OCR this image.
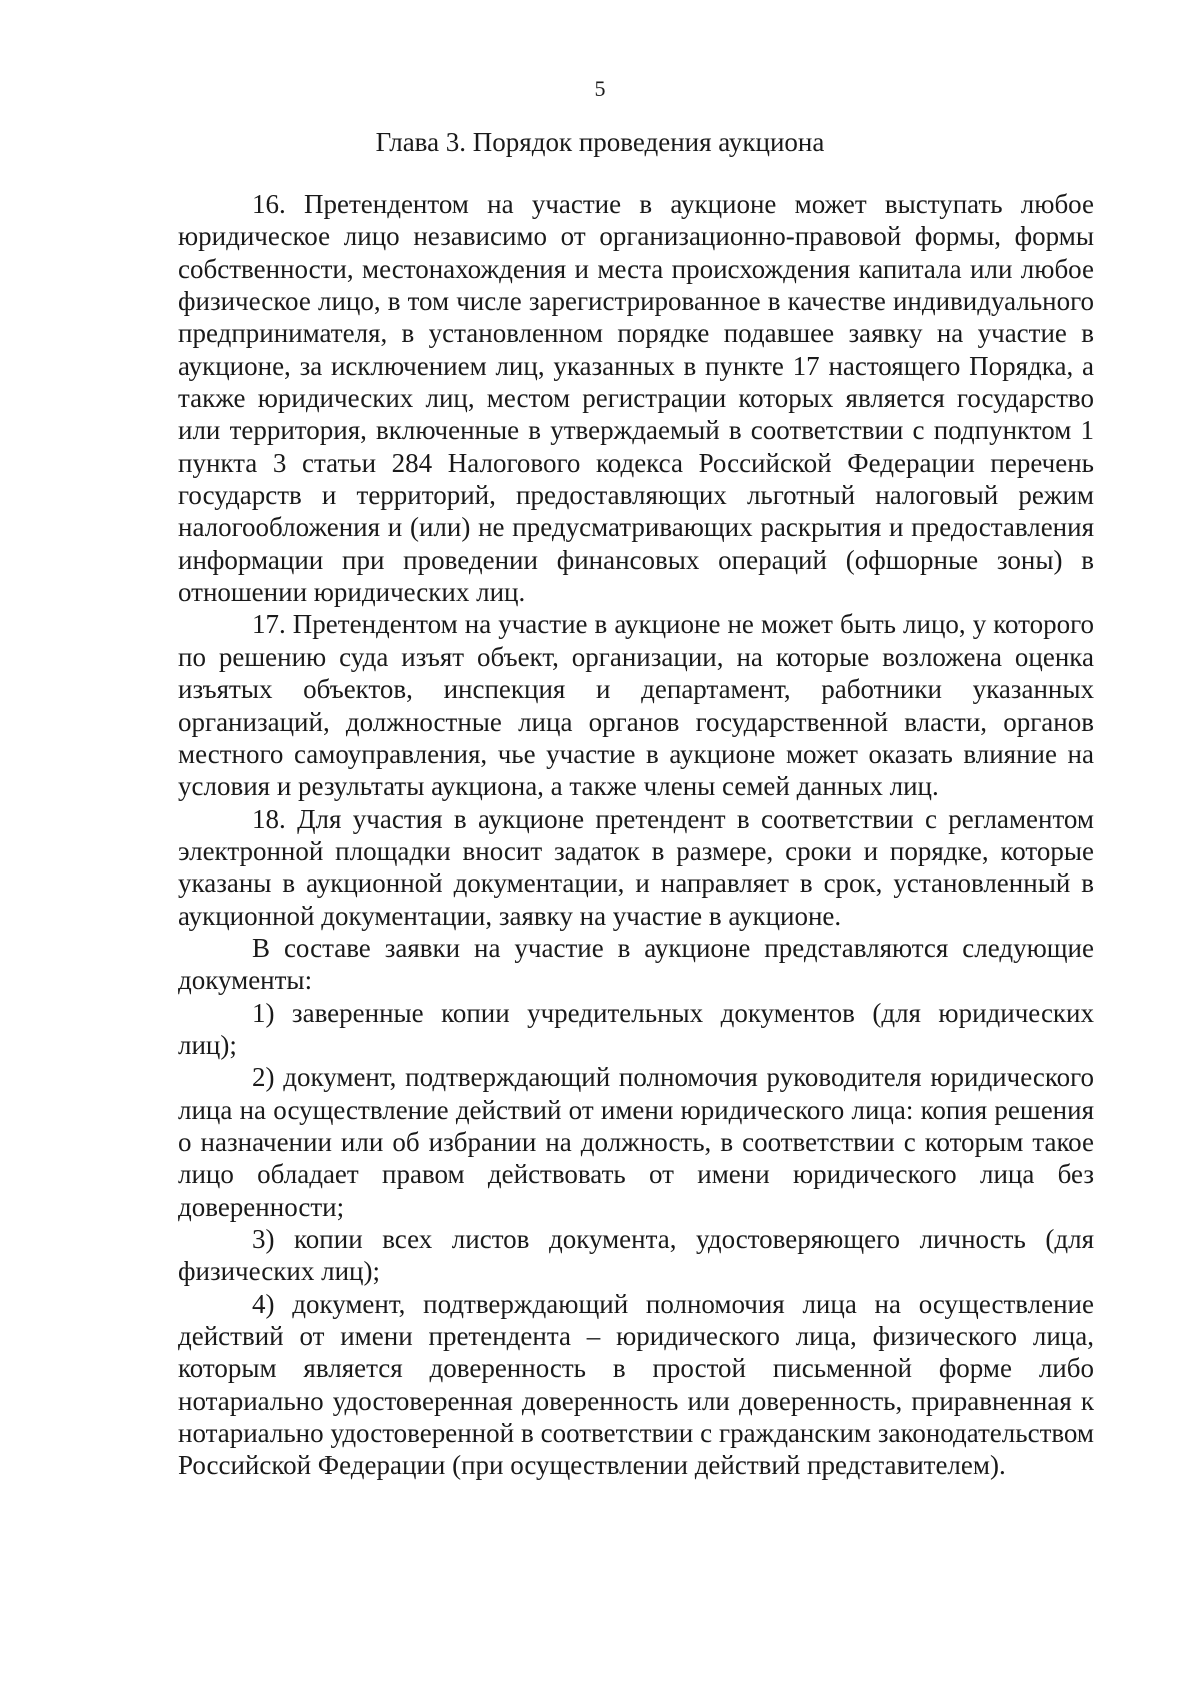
5
Глава 3. Порядок проведения аукциона

16. Претендентом на участие в аукционе может выступать любое юридическое лицо независимо от организационно-правовой формы, формы собственности, местонахождения и места происхождения капитала или любое физическое лицо, в том числе зарегистрированное в качестве индивидуального предпринимателя, в установленном порядке подавшее заявку на участие в аукционе, за исключением лиц, указанных в пункте 17 настоящего Порядка, а также юридических лиц, местом регистрации которых является государство или территория, включенные в утверждаемый в соответствии с подпунктом 1 пункта 3 статьи 284 Налогового кодекса Российской Федерации перечень государств и территорий, предоставляющих льготный налоговый режим налогообложения и (или) не предусматривающих раскрытия и предоставления информации при проведении финансовых операций (офшорные зоны) в отношении юридических лиц.

17. Претендентом на участие в аукционе не может быть лицо, у которого по решению суда изъят объект, организации, на которые возложена оценка изъятых объектов, инспекция и департамент, работники указанных организаций, должностные лица органов государственной власти, органов местного самоуправления, чье участие в аукционе может оказать влияние на условия и результаты аукциона, а также члены семей данных лиц.

18. Для участия в аукционе претендент в соответствии с регламентом электронной площадки вносит задаток в размере, сроки и порядке, которые указаны в аукционной документации, и направляет в срок, установленный в аукционной документации, заявку на участие в аукционе.

В составе заявки на участие в аукционе представляются следующие документы:

1) заверенные копии учредительных документов (для юридических лиц);

2) документ, подтверждающий полномочия руководителя юридического лица на осуществление действий от имени юридического лица: копия решения о назначении или об избрании на должность, в соответствии с которым такое лицо обладает правом действовать от имени юридического лица без доверенности;

3) копии всех листов документа, удостоверяющего личность (для физических лиц);

4) документ, подтверждающий полномочия лица на осуществление действий от имени претендента – юридического лица, физического лица, которым является доверенность в простой письменной форме либо нотариально удостоверенная доверенность или доверенность, приравненная к нотариально удостоверенной в соответствии с гражданским законодательством Российской Федерации (при осуществлении действий представителем).
